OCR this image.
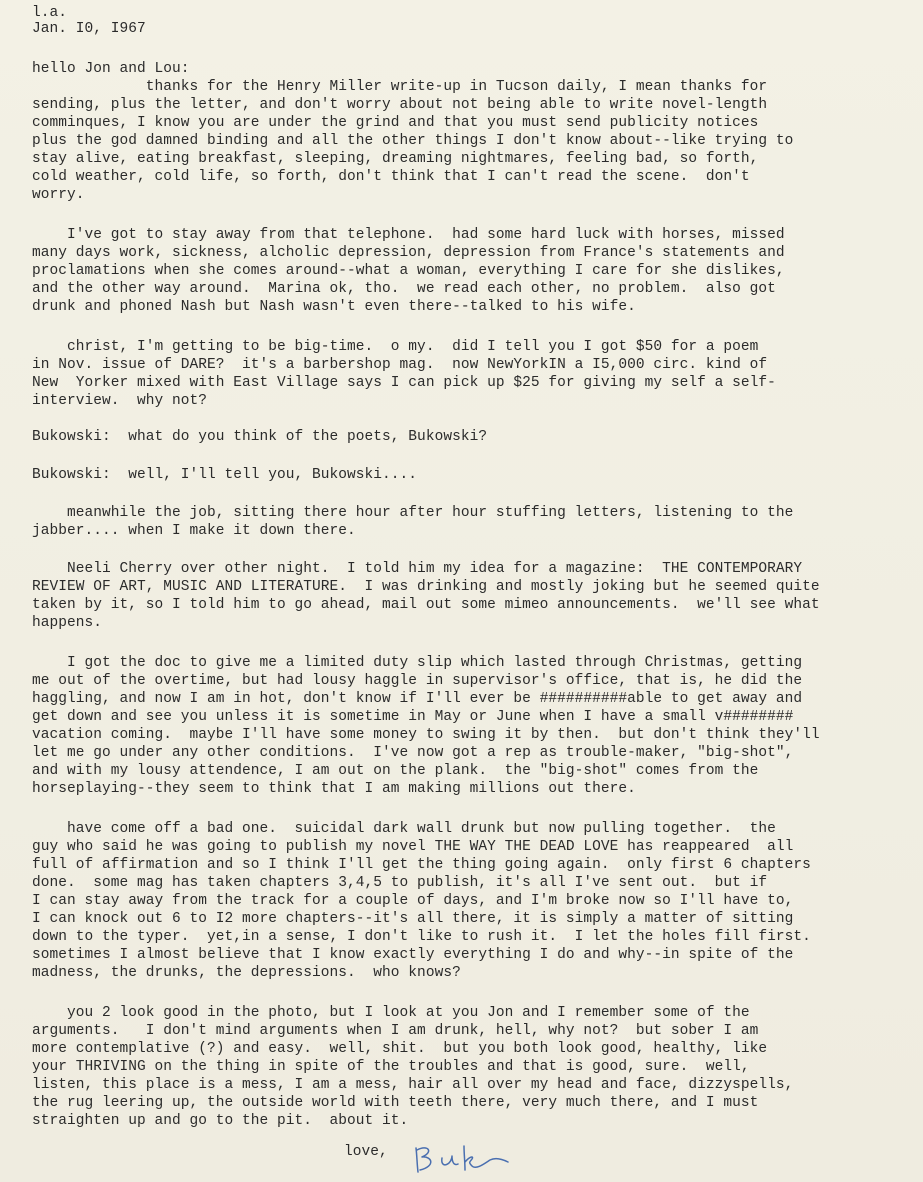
l.a.
Jan. I0, I967
hello Jon and Lou:
thanks for the Henry Miller write-up in Tucson daily, I mean thanks for
sending, plus the letter, and don't worry about not being able to write novel-length
comminques, I know you are under the grind and that you must send publicity notices
plus the god damned binding and all the other things I don't know about--like trying to
stay alive, eating breakfast, sleeping, dreaming nightmares, feeling bad, so forth,
cold weather, cold life, so forth, don't think that I can't read the scene.  don't
worry.
I've got to stay away from that telephone.  had some hard luck with horses, missed
many days work, sickness, alcholic depression, depression from France's statements and
proclamations when she comes around--what a woman, everything I care for she dislikes,
and the other way around.  Marina ok, tho.  we read each other, no problem.  also got
drunk and phoned Nash but Nash wasn't even there--talked to his wife.
christ, I'm getting to be big-time.  o my.  did I tell you I got $50 for a poem
in Nov. issue of DARE?  it's a barbershop mag.  now NewYorkIN a I5,000 circ. kind of
New  Yorker mixed with East Village says I can pick up $25 for giving my self a self-
interview.  why not?
Bukowski:  what do you think of the poets, Bukowski?
Bukowski:  well, I'll tell you, Bukowski....
meanwhile the job, sitting there hour after hour stuffing letters, listening to the
jabber.... when I make it down there.
Neeli Cherry over other night.  I told him my idea for a magazine:  THE CONTEMPORARY
REVIEW OF ART, MUSIC AND LITERATURE.  I was drinking and mostly joking but he seemed quite
taken by it, so I told him to go ahead, mail out some mimeo announcements.  we'll see what
happens.
I got the doc to give me a limited duty slip which lasted through Christmas, getting
me out of the overtime, but had lousy haggle in supervisor's office, that is, he did the
haggling, and now I am in hot, don't know if I'll ever be ##########able to get away and
get down and see you unless it is sometime in May or June when I have a small v########
vacation coming.  maybe I'll have some money to swing it by then.  but don't think they'll
let me go under any other conditions.  I've now got a rep as trouble-maker, "big-shot",
and with my lousy attendence, I am out on the plank.  the "big-shot" comes from the
horseplaying--they seem to think that I am making millions out there.
have come off a bad one.  suicidal dark wall drunk but now pulling together.  the
guy who said he was going to publish my novel THE WAY THE DEAD LOVE has reappeared  all
full of affirmation and so I think I'll get the thing going again.  only first 6 chapters
done.  some mag has taken chapters 3,4,5 to publish, it's all I've sent out.  but if
I can stay away from the track for a couple of days, and I'm broke now so I'll have to,
I can knock out 6 to I2 more chapters--it's all there, it is simply a matter of sitting
down to the typer.  yet,in a sense, I don't like to rush it.  I let the holes fill first.
sometimes I almost believe that I know exactly everything I do and why--in spite of the
madness, the drunks, the depressions.  who knows?
you 2 look good in the photo, but I look at you Jon and I remember some of the
arguments.   I don't mind arguments when I am drunk, hell, why not?  but sober I am
more contemplative (?) and easy.  well, shit.  but you both look good, healthy, like
your THRIVING on the thing in spite of the troubles and that is good, sure.  well,
listen, this place is a mess, I am a mess, hair all over my head and face, dizzyspells,
the rug leering up, the outside world with teeth there, very much there, and I must
straighten up and go to the pit.  about it.
love,
